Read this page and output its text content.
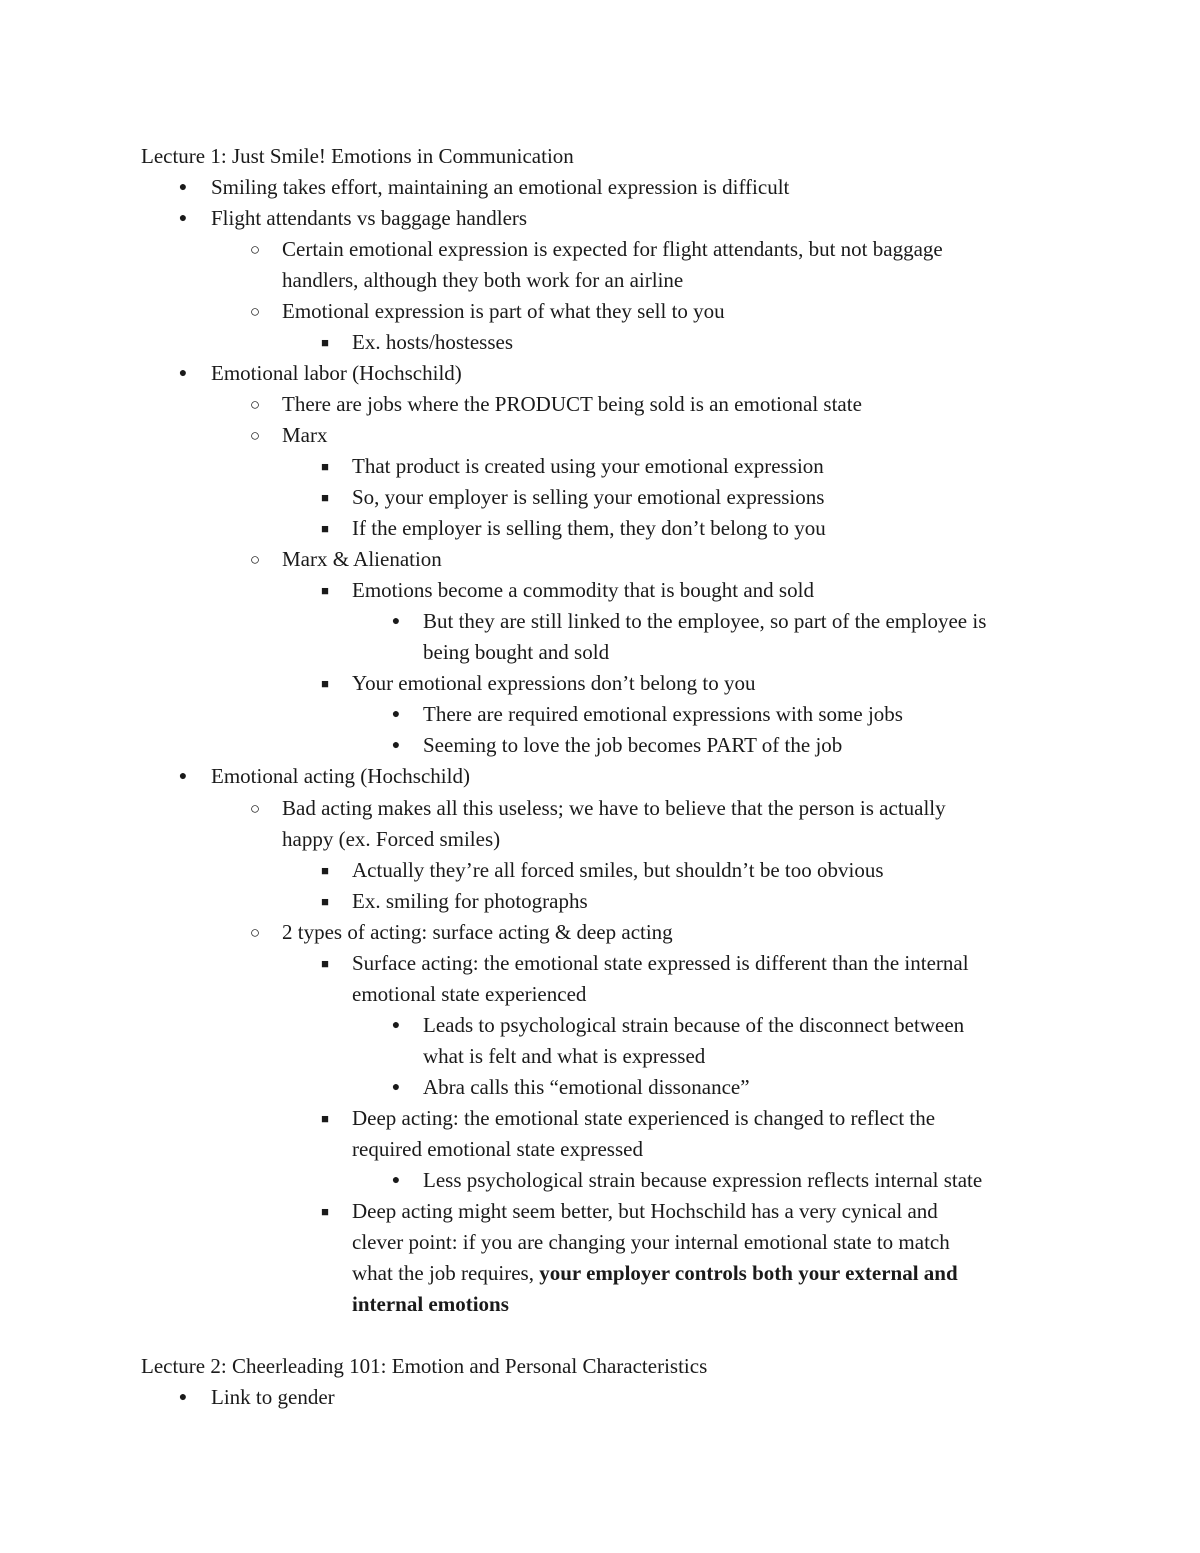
Lecture 1: Just Smile! Emotions in Communication
● Smiling takes effort, maintaining an emotional expression is difficult
● Flight attendants vs baggage handlers
○ Certain emotional expression is expected for flight attendants, but not baggage
handlers, although they both work for an airline
○ Emotional expression is part of what they sell to you
■ Ex. hosts/hostesses
● Emotional labor (Hochschild)
○ There are jobs where the PRODUCT being sold is an emotional state
○ Marx
■ That product is created using your emotional expression
■ So, your employer is selling your emotional expressions
■ If the employer is selling them, they don’t belong to you
○ Marx & Alienation
■ Emotions become a commodity that is bought and sold
● But they are still linked to the employee, so part of the employee is
being bought and sold
■ Your emotional expressions don’t belong to you
● There are required emotional expressions with some jobs
● Seeming to love the job becomes PART of the job
● Emotional acting (Hochschild)
○ Bad acting makes all this useless; we have to believe that the person is actually
happy (ex. Forced smiles)
■ Actually they’re all forced smiles, but shouldn’t be too obvious
■ Ex. smiling for photographs
○ 2 types of acting: surface acting & deep acting
■ Surface acting: the emotional state expressed is different than the internal
emotional state experienced
● Leads to psychological strain because of the disconnect between
what is felt and what is expressed
● Abra calls this “emotional dissonance”
■ Deep acting: the emotional state experienced is changed to reflect the
required emotional state expressed
● Less psychological strain because expression reflects internal state
■ Deep acting might seem better, but Hochschild has a very cynical and
clever point: if you are changing your internal emotional state to match
what the job requires, your employer controls both your external and
internal emotions
Lecture 2: Cheerleading 101: Emotion and Personal Characteristics
● Link to gender
